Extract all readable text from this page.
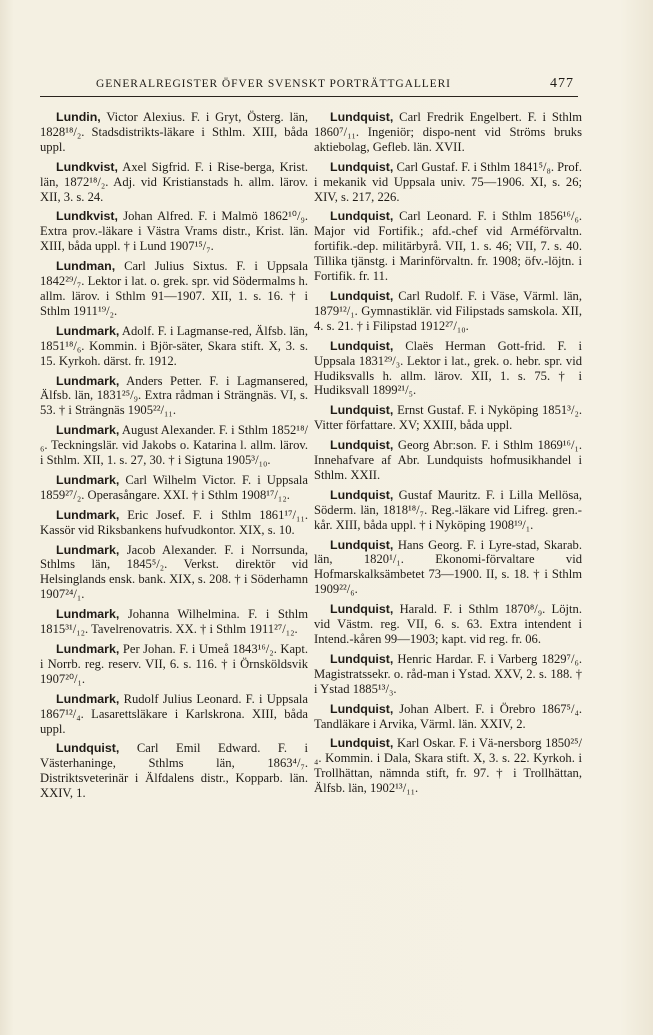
GENERALREGISTER ÖFVER SVENSKT PORTRÄTTGALLERI	477
Lundin, Victor Alexius. F. i Gryt, Österg. län, 1828¹⁸/₂. Stadsdistrikts-läkare i Sthlm. XIII, båda uppl.
Lundkvist, Axel Sigfrid. F. i Rise-berga, Krist. län, 1872¹⁸/₂. Adj. vid Kristianstads h. allm. lärov. XII, 3. s. 24.
Lundkvist, Johan Alfred. F. i Malmö 1862¹⁰/₉. Extra prov.-läkare i Västra Vrams distr., Krist. län. XIII, båda uppl. † i Lund 1907¹⁵/₇.
Lundman, Carl Julius Sixtus. F. i Uppsala 1842²⁹/₇. Lektor i lat. o. grek. spr. vid Södermalms h. allm. lärov. i Sthlm 91—1907. XII, 1. s. 16. † i Sthlm 1911¹⁹/₂.
Lundmark, Adolf. F. i Lagmanse-red, Älfsb. län, 1851¹⁸/₆. Kommin. i Björ-säter, Skara stift. X, 3. s. 15. Kyrkoh. därst. fr. 1912.
Lundmark, Anders Petter. F. i Lagmansered, Älfsb. län, 1831²⁵/₉. Extra rådman i Strängnäs. VI, s. 53. † i Strängnäs 1905²²/₁₁.
Lundmark, August Alexander. F. i Sthlm 1852¹⁸/₆. Teckningslär. vid Jakobs o. Katarina l. allm. lärov. i Sthlm. XII, 1. s. 27, 30. † i Sigtuna 1905³/₁₀.
Lundmark, Carl Wilhelm Victor. F. i Uppsala 1859²⁷/₂. Operasångare. XXI. † i Sthlm 1908¹⁷/₁₂.
Lundmark, Eric Josef. F. i Sthlm 1861¹⁷/₁₁. Kassör vid Riksbankens hufvudkontor. XIX, s. 10.
Lundmark, Jacob Alexander. F. i Norrsunda, Sthlms län, 1845⁵/₂. Verkst. direktör vid Helsinglands ensk. bank. XIX, s. 208. † i Söderhamn 1907²⁴/₁.
Lundmark, Johanna Wilhelmina. F. i Sthlm 1815³¹/₁₂. Tavelrenovatris. XX. † i Sthlm 1911²⁷/₁₂.
Lundmark, Per Johan. F. i Umeå 1843¹⁶/₂. Kapt. i Norrb. reg. reserv. VII, 6. s. 116. † i Örnsköldsvik 1907²⁰/₁.
Lundmark, Rudolf Julius Leonard. F. i Uppsala 1867¹²/₄. Lasarettsläkare i Karlskrona. XIII, båda uppl.
Lundquist, Carl Emil Edward. F. i Västerhaninge, Sthlms län, 1863⁴/₇. Distriktsveterinär i Älfdalens distr., Kopparb. län. XXIV, 1.
Lundquist, Carl Fredrik Engelbert. F. i Sthlm 1860⁷/₁₁. Ingeniör; dispo-nent vid Ströms bruks aktiebolag, Gefleb. län. XVII.
Lundquist, Carl Gustaf. F. i Sthlm 1841⁵/₈. Prof. i mekanik vid Uppsala univ. 75—1906. XI, s. 26; XIV, s. 217, 226.
Lundquist, Carl Leonard. F. i Sthlm 1856¹⁶/₆. Major vid Fortifik.; afd.-chef vid Arméförvaltn. fortifik.-dep. militärbyrå. VII, 1. s. 46; VII, 7. s. 40. Tillika tjänstg. i Marinförvaltn. fr. 1908; öfv.-löjtn. i Fortifik. fr. 11.
Lundquist, Carl Rudolf. F. i Väse, Värml. län, 1879¹²/₁. Gymnastiklär. vid Filipstads samskola. XII, 4. s. 21. † i Filipstad 1912²⁷/₁₀.
Lundquist, Claës Herman Gott-frid. F. i Uppsala 1831²⁹/₃. Lektor i lat., grek. o. hebr. spr. vid Hudiksvalls h. allm. lärov. XII, 1. s. 75. † i Hudiksvall 1899²¹/₅.
Lundquist, Ernst Gustaf. F. i Nyköping 1851³/₂. Vitter författare. XV; XXIII, båda uppl.
Lundquist, Georg Abr:son. F. i Sthlm 1869¹⁶/₁. Innehafvare af Abr. Lundquists hofmusikhandel i Sthlm. XXII.
Lundquist, Gustaf Mauritz. F. i Lilla Mellösa, Söderm. län, 1818¹⁸/₇. Reg.-läkare vid Lifreg. gren.-kår. XIII, båda uppl. † i Nyköping 1908¹⁹/₁.
Lundquist, Hans Georg. F. i Lyre-stad, Skarab. län, 1820¹/₁. Ekonomi-förvaltare vid Hofmarskalksämbetet 73—1900. II, s. 18. † i Sthlm 1909²²/₆.
Lundquist, Harald. F. i Sthlm 1870⁸/₉. Löjtn. vid Västm. reg. VII, 6. s. 63. Extra intendent i Intend.-kåren 99—1903; kapt. vid reg. fr. 06.
Lundquist, Henric Hardar. F. i Varberg 1829⁷/₆. Magistratssekr. o. råd-man i Ystad. XXV, 2. s. 188. † i Ystad 1885¹³/₃.
Lundquist, Johan Albert. F. i Örebro 1867⁵/₄. Tandläkare i Arvika, Värml. län. XXIV, 2.
Lundquist, Karl Oskar. F. i Vä-nersborg 1850²⁵/₄. Kommin. i Dala, Skara stift. X, 3. s. 22. Kyrkoh. i Trollhättan, nämnda stift, fr. 97. † i Trollhättan, Älfsb. län, 1902¹³/₁₁.
